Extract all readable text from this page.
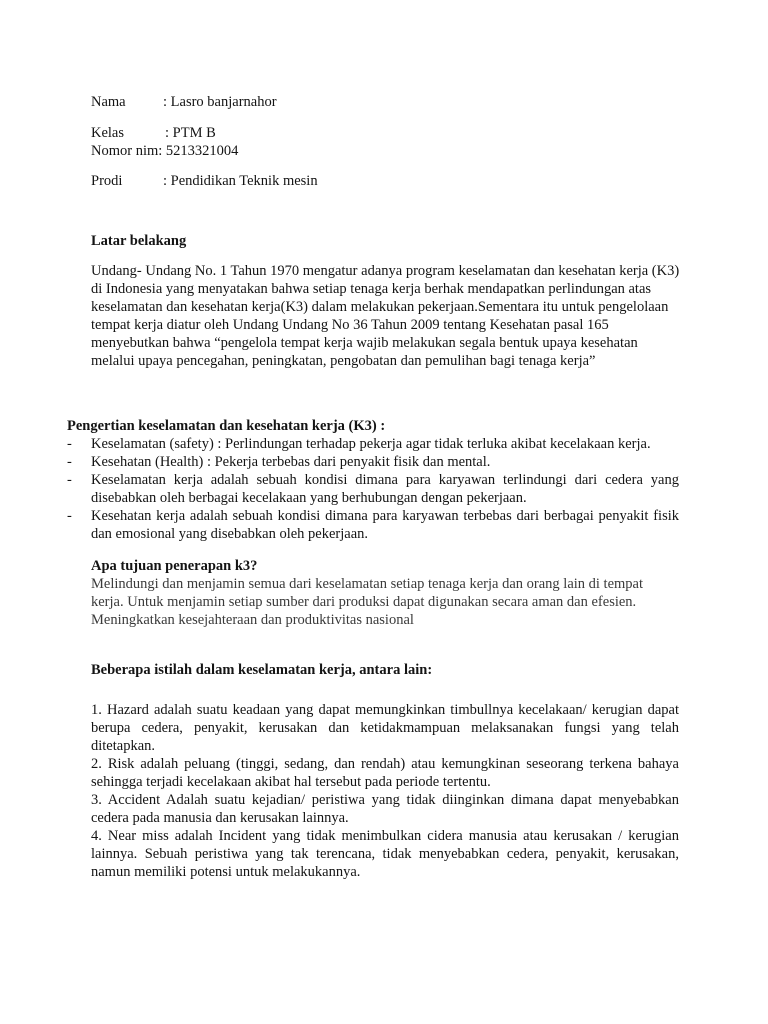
Nama	: Lasro banjarnahor
Kelas	: PTM B
Nomor nim: 5213321004
Prodi	: Pendidikan Teknik mesin
Latar belakang
Undang- Undang No. 1 Tahun 1970 mengatur adanya program keselamatan dan kesehatan kerja (K3) di Indonesia yang menyatakan bahwa setiap tenaga kerja berhak mendapatkan perlindungan atas keselamatan dan kesehatan kerja(K3) dalam melakukan pekerjaan.Sementara itu untuk pengelolaan tempat kerja diatur oleh Undang Undang No 36 Tahun 2009 tentang Kesehatan pasal 165 menyebutkan bahwa “pengelola tempat kerja wajib melakukan segala bentuk upaya kesehatan melalui upaya pencegahan, peningkatan, pengobatan dan pemulihan bagi tenaga kerja”
Pengertian keselamatan dan kesehatan kerja (K3) :
- Keselamatan (safety) : Perlindungan terhadap pekerja agar tidak terluka akibat kecelakaan kerja.
- Kesehatan (Health) : Pekerja terbebas dari penyakit fisik dan mental.
- Keselamatan kerja adalah sebuah kondisi dimana para karyawan terlindungi dari cedera yang disebabkan oleh berbagai kecelakaan yang berhubungan dengan pekerjaan.
- Kesehatan kerja adalah sebuah kondisi dimana para karyawan terbebas dari berbagai penyakit fisik dan emosional yang disebabkan oleh pekerjaan.
Apa tujuan penerapan k3?
Melindungi dan menjamin semua dari keselamatan setiap tenaga kerja dan orang lain di tempat kerja. Untuk menjamin setiap sumber dari produksi dapat digunakan secara aman dan efesien. Meningkatkan kesejahteraan dan produktivitas nasional
Beberapa istilah dalam keselamatan kerja, antara lain:

1. Hazard adalah suatu keadaan yang dapat memungkinkan timbullnya kecelakaan/ kerugian dapat berupa cedera, penyakit, kerusakan dan ketidakmampuan melaksanakan fungsi yang telah ditetapkan.

2. Risk adalah peluang (tinggi, sedang, dan rendah) atau kemungkinan seseorang terkena bahaya sehingga terjadi kecelakaan akibat hal tersebut pada periode tertentu.

3. Accident Adalah suatu kejadian/ peristiwa yang tidak diinginkan dimana dapat menyebabkan cedera pada manusia dan kerusakan lainnya.

4. Near miss adalah Incident yang tidak menimbulkan cidera manusia atau kerusakan / kerugian lainnya. Sebuah peristiwa yang tak terencana, tidak menyebabkan cedera, penyakit, kerusakan, namun memiliki potensi untuk melakukannya.
